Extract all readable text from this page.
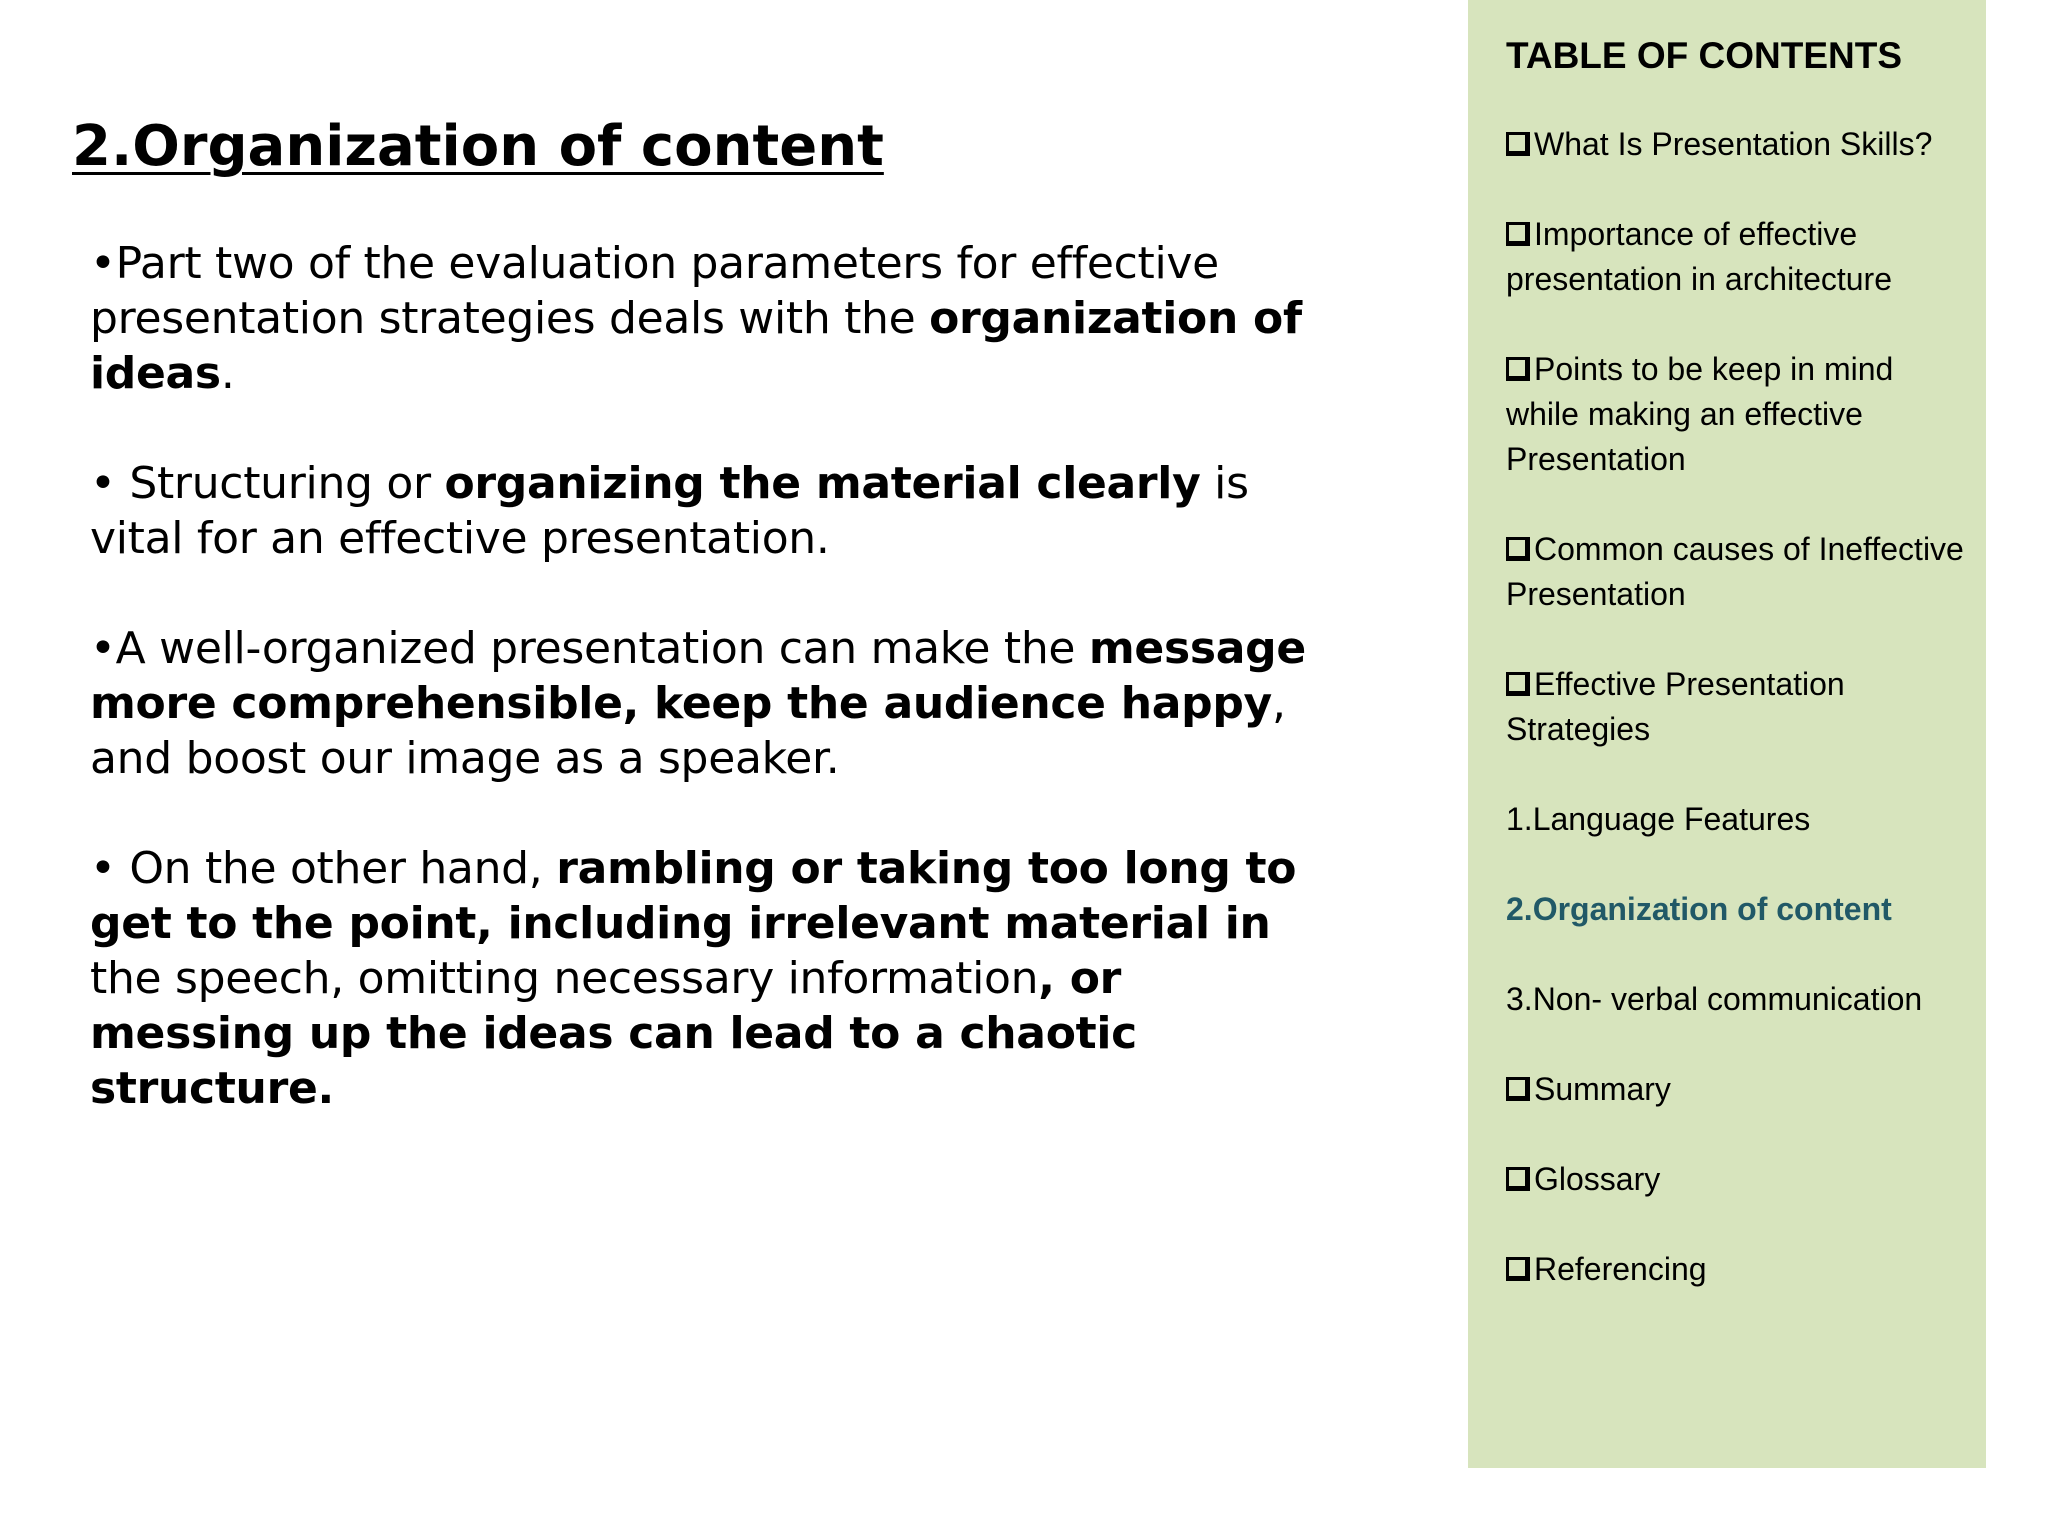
2.Organization of content

•Part two of the evaluation parameters for effective presentation strategies deals with the organization of ideas.

• Structuring or organizing the material clearly is vital for an effective presentation.

•A well-organized presentation can make the message more comprehensible, keep the audience happy, and boost our image as a speaker.

• On the other hand, rambling or taking too long to get to the point, including irrelevant material in the speech, omitting necessary information, or messing up the ideas can lead to a chaotic structure.

TABLE OF CONTENTS
What Is Presentation Skills?
Importance of effective presentation in architecture
Points to be keep in mind while making an effective Presentation
Common causes of Ineffective Presentation
Effective Presentation Strategies
1.Language Features
2.Organization of content
3.Non- verbal communication
Summary
Glossary
Referencing
